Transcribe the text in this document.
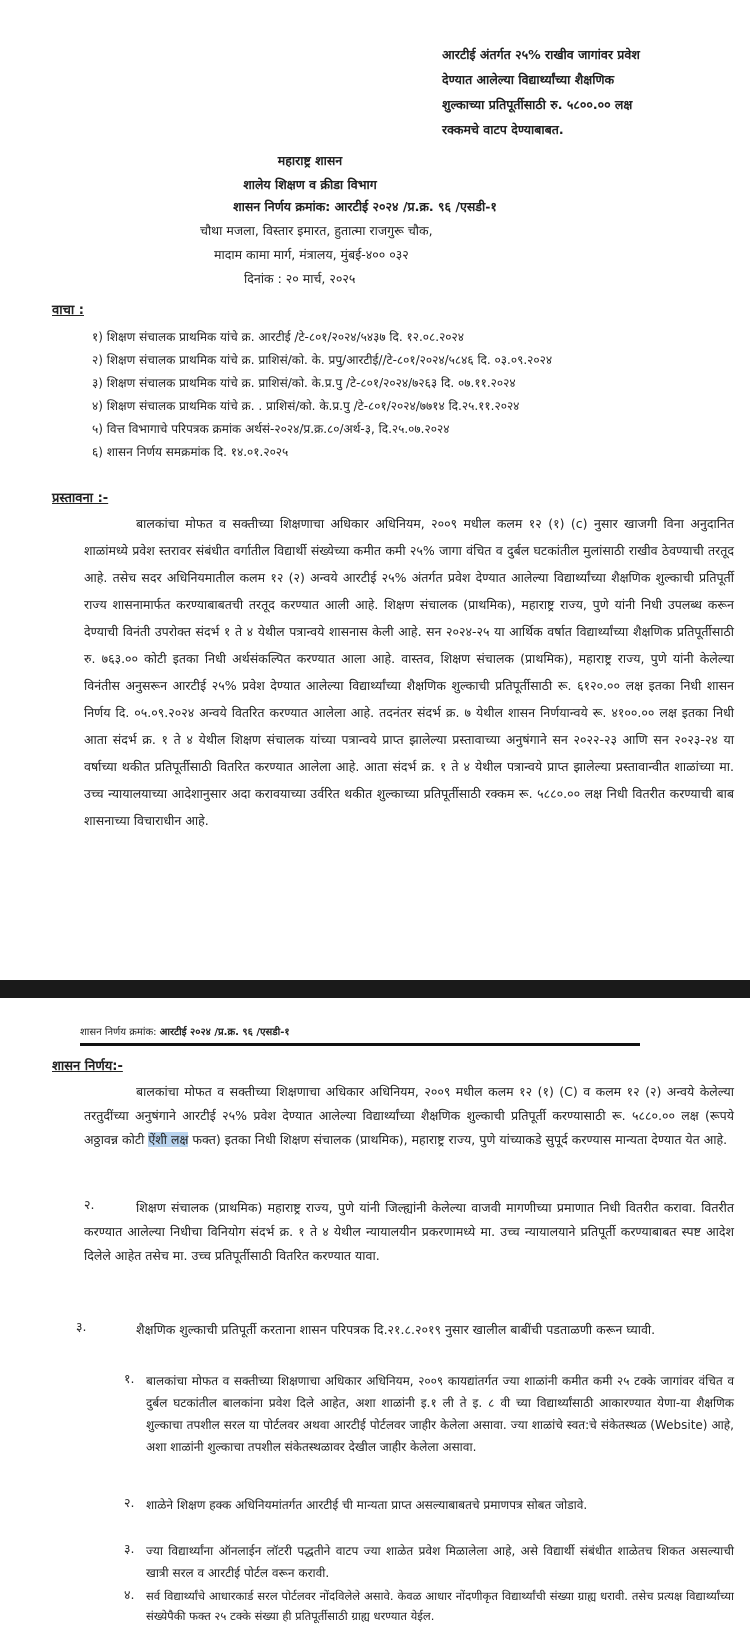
आरटीई अंतर्गत २५% राखीव जागांवर प्रवेश
देण्यात आलेल्या विद्यार्थ्यांच्या शैक्षणिक
शुल्काच्या प्रतिपूर्तीसाठी रु. ५८००.०० लक्ष
रक्कमचे वाटप देण्याबाबत.
महाराष्ट्र शासन
शालेय शिक्षण व क्रीडा विभाग
शासन निर्णय क्रमांक: आरटीई २०२४ /प्र.क्र. ९६ /एसडी-१
चौथा मजला, विस्तार इमारत, हुतात्मा राजगुरू चौक,
मादाम कामा मार्ग, मंत्रालय, मुंबई-४०० ०३२
दिनांक : २० मार्च, २०२५
वाचा :
१) शिक्षण संचालक प्राथमिक यांचे क्र. आरटीई /टे-८०१/२०२४/५४३७ दि. १२.०८.२०२४
२) शिक्षण संचालक प्राथमिक यांचे क्र. प्राशिसं/को. के. प्रपु/आरटीई//टे-८०१/२०२४/५८४६ दि. ०३.०९.२०२४
३) शिक्षण संचालक प्राथमिक यांचे क्र. प्राशिसं/को. के.प्र.पु /टे-८०१/२०२४/७२६३ दि. ०७.११.२०२४
४) शिक्षण संचालक प्राथमिक यांचे क्र. . प्राशिसं/को. के.प्र.पु /टे-८०१/२०२४/७७१४ दि.२५.११.२०२४
५) वित्त विभागाचे परिपत्रक क्रमांक अर्थसं-२०२४/प्र.क्र.८०/अर्थ-३, दि.२५.०७.२०२४
६) शासन निर्णय समक्रमांक दि. १४.०१.२०२५
प्रस्तावना :-
बालकांचा मोफत व सक्तीच्या शिक्षणाचा अधिकार अधिनियम, २००९ मधील कलम १२ (१) (c) नुसार खाजगी विना अनुदानित शाळांमध्ये प्रवेश स्तरावर संबंधीत वर्गातील विद्यार्थी संख्येच्या कमीत कमी २५% जागा वंचित व दुर्बल घटकांतील मुलांसाठी राखीव ठेवण्याची तरतूद आहे. तसेच सदर अधिनियमातील कलम १२ (२) अन्वये आरटीई २५% अंतर्गत प्रवेश देण्यात आलेल्या विद्यार्थ्यांच्या शैक्षणिक शुल्काची प्रतिपूर्ती राज्य शासनामार्फत करण्याबाबतची तरतूद करण्यात आली आहे. शिक्षण संचालक (प्राथमिक), महाराष्ट्र राज्य, पुणे यांनी निधी उपलब्ध करून देण्याची विनंती उपरोक्त संदर्भ १ ते ४ येथील पत्रान्वये शासनास केली आहे. सन २०२४-२५ या आर्थिक वर्षात विद्यार्थ्यांच्या शैक्षणिक प्रतिपूर्तीसाठी रु. ७६३.०० कोटी इतका निधी अर्थसंकल्पित करण्यात आला आहे. वास्तव, शिक्षण संचालक (प्राथमिक), महाराष्ट्र राज्य, पुणे यांनी केलेल्या विनंतीस अनुसरून आरटीई २५% प्रवेश देण्यात आलेल्या विद्यार्थ्यांच्या शैक्षणिक शुल्काची प्रतिपूर्तीसाठी रू. ६१२०.०० लक्ष इतका निधी शासन निर्णय दि. ०५.०९.२०२४ अन्वये वितरित करण्यात आलेला आहे. तदनंतर संदर्भ क्र. ७ येथील शासन निर्णयान्वये रू. ४१००.०० लक्ष इतका निधी आता संदर्भ क्र. १ ते ४ येथील शिक्षण संचालक यांच्या पत्रान्वये प्राप्त झालेल्या प्रस्तावाच्या अनुषंगाने सन २०२२-२३ आणि सन २०२३-२४ या वर्षाच्या थकीत प्रतिपूर्तीसाठी वितरित करण्यात आलेला आहे. आता संदर्भ क्र. १ ते ४ येथील पत्रान्वये प्राप्त झालेल्या प्रस्तावान्वीत शाळांच्या मा. उच्च न्यायालयाच्या आदेशानुसार अदा करावयाच्या उर्वरित थकीत शुल्काच्या प्रतिपूर्तीसाठी रक्कम रू. ५८८०.०० लक्ष निधी वितरीत करण्याची बाब शासनाच्या विचाराधीन आहे.
शासन निर्णय क्रमांक: आरटीई २०२४ /प्र.क्र. ९६ /एसडी-१
शासन निर्णय:-
बालकांचा मोफत व सक्तीच्या शिक्षणाचा अधिकार अधिनियम, २००९ मधील कलम १२ (१) (C) व कलम १२ (२) अन्वये केलेल्या तरतुदींच्या अनुषंगाने आरटीई २५% प्रवेश देण्यात आलेल्या विद्यार्थ्यांच्या शैक्षणिक शुल्काची प्रतिपूर्ती करण्यासाठी रू. ५८८०.०० लक्ष (रूपये अठ्ठावन्न कोटी ऐंशी लक्ष फक्त) इतका निधी शिक्षण संचालक (प्राथमिक), महाराष्ट्र राज्य, पुणे यांच्याकडे सुपूर्द करण्यास मान्यता देण्यात येत आहे.
२.	शिक्षण संचालक (प्राथमिक) महाराष्ट्र राज्य, पुणे यांनी जिल्ह्यांनी केलेल्या वाजवी मागणीच्या प्रमाणात निधी वितरीत करावा. वितरीत करण्यात आलेल्या निधीचा विनियोग संदर्भ क्र. १ ते ४ येथील न्यायालयीन प्रकरणामध्ये मा. उच्च न्यायालयाने प्रतिपूर्ती करण्याबाबत स्पष्ट आदेश दिलेले आहेत तसेच मा. उच्च प्रतिपूर्तीसाठी वितरित करण्यात यावा.
३.	शैक्षणिक शुल्काची प्रतिपूर्ती करताना शासन परिपत्रक दि.२१.८.२०१९ नुसार खालील बाबींची पडताळणी करून घ्यावी.
१. बालकांचा मोफत व सक्तीच्या शिक्षणाचा अधिकार अधिनियम, २००९ कायद्यांतर्गत ज्या शाळांनी कमीत कमी २५ टक्के जागांवर वंचित व दुर्बल घटकांतील बालकांना प्रवेश दिले आहेत, अशा शाळांनी इ.१ ली ते इ. ८ वी च्या विद्यार्थ्यांसाठी आकारण्यात येणा-या शैक्षणिक शुल्काचा तपशील सरल या पोर्टलवर अथवा आरटीई पोर्टलवर जाहीर केलेला असावा. ज्या शाळांचे स्वत:चे संकेतस्थळ (Website) आहे, अशा शाळांनी शुल्काचा तपशील संकेतस्थळावर देखील जाहीर केलेला असावा.
२. शाळेने शिक्षण हक्क अधिनियमांतर्गत आरटीई ची मान्यता प्राप्त असल्याबाबतचे प्रमाणपत्र सोबत जोडावे.
३. ज्या विद्यार्थ्यांना ऑनलाईन लॉटरी पद्धतीने वाटप ज्या शाळेत प्रवेश मिळालेला आहे, असे विद्यार्थी संबंधीत शाळेतच शिकत असल्याची खात्री सरल व आरटीई पोर्टल वरून करावी.
४. सर्व विद्यार्थ्यांचे आधारकार्ड सरल पोर्टलवर नोंदविलेले असावे. केवळ आधार नोंदणीकृत विद्यार्थ्यांची संख्या ग्राह्य धरावी. तसेच प्रत्यक्ष विद्यार्थ्यांच्या संख्येपैकी फक्त २५ टक्के संख्या ही प्रतिपूर्तीसाठी ग्राह्य धरण्यात येईल.
